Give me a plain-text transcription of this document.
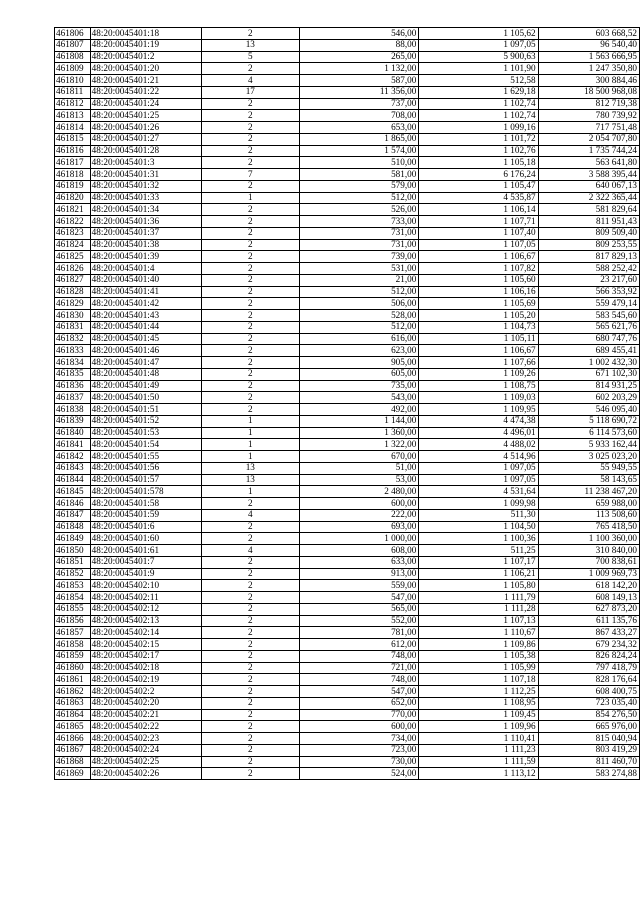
461806	48:20:0045401:18	2	546,00	1 105,62	603 668,52
461807	48:20:0045401:19	13	88,00	1 097,05	96 540,40
461808	48:20:0045401:2	5	265,00	5 900,63	1 563 666,95
461809	48:20:0045401:20	2	1 132,00	1 101,90	1 247 350,80
461810	48:20:0045401:21	4	587,00	512,58	300 884,46
461811	48:20:0045401:22	17	11 356,00	1 629,18	18 500 968,08
461812	48:20:0045401:24	2	737,00	1 102,74	812 719,38
461813	48:20:0045401:25	2	708,00	1 102,74	780 739,92
461814	48:20:0045401:26	2	653,00	1 099,16	717 751,48
461815	48:20:0045401:27	2	1 865,00	1 101,72	2 054 707,80
461816	48:20:0045401:28	2	1 574,00	1 102,76	1 735 744,24
461817	48:20:0045401:3	2	510,00	1 105,18	563 641,80
461818	48:20:0045401:31	7	581,00	6 176,24	3 588 395,44
461819	48:20:0045401:32	2	579,00	1 105,47	640 067,13
461820	48:20:0045401:33	1	512,00	4 535,87	2 322 365,44
461821	48:20:0045401:34	2	526,00	1 106,14	581 829,64
461822	48:20:0045401:36	2	733,00	1 107,71	811 951,43
461823	48:20:0045401:37	2	731,00	1 107,40	809 509,40
461824	48:20:0045401:38	2	731,00	1 107,05	809 253,55
461825	48:20:0045401:39	2	739,00	1 106,67	817 829,13
461826	48:20:0045401:4	2	531,00	1 107,82	588 252,42
461827	48:20:0045401:40	2	21,00	1 105,60	23 217,60
461828	48:20:0045401:41	2	512,00	1 106,16	566 353,92
461829	48:20:0045401:42	2	506,00	1 105,69	559 479,14
461830	48:20:0045401:43	2	528,00	1 105,20	583 545,60
461831	48:20:0045401:44	2	512,00	1 104,73	565 621,76
461832	48:20:0045401:45	2	616,00	1 105,11	680 747,76
461833	48:20:0045401:46	2	623,00	1 106,67	689 455,41
461834	48:20:0045401:47	2	905,00	1 107,66	1 002 432,30
461835	48:20:0045401:48	2	605,00	1 109,26	671 102,30
461836	48:20:0045401:49	2	735,00	1 108,75	814 931,25
461837	48:20:0045401:50	2	543,00	1 109,03	602 203,29
461838	48:20:0045401:51	2	492,00	1 109,95	546 095,40
461839	48:20:0045401:52	1	1 144,00	4 474,38	5 118 690,72
461840	48:20:0045401:53	1	1 360,00	4 496,01	6 114 573,60
461841	48:20:0045401:54	1	1 322,00	4 488,02	5 933 162,44
461842	48:20:0045401:55	1	670,00	4 514,96	3 025 023,20
461843	48:20:0045401:56	13	51,00	1 097,05	55 949,55
461844	48:20:0045401:57	13	53,00	1 097,05	58 143,65
461845	48:20:0045401:578	1	2 480,00	4 531,64	11 238 467,20
461846	48:20:0045401:58	2	600,00	1 099,98	659 988,00
461847	48:20:0045401:59	4	222,00	511,30	113 508,60
461848	48:20:0045401:6	2	693,00	1 104,50	765 418,50
461849	48:20:0045401:60	2	1 000,00	1 100,36	1 100 360,00
461850	48:20:0045401:61	4	608,00	511,25	310 840,00
461851	48:20:0045401:7	2	633,00	1 107,17	700 838,61
461852	48:20:0045401:9	2	913,00	1 106,21	1 009 969,73
461853	48:20:0045402:10	2	559,00	1 105,80	618 142,20
461854	48:20:0045402:11	2	547,00	1 111,79	608 149,13
461855	48:20:0045402:12	2	565,00	1 111,28	627 873,20
461856	48:20:0045402:13	2	552,00	1 107,13	611 135,76
461857	48:20:0045402:14	2	781,00	1 110,67	867 433,27
461858	48:20:0045402:15	2	612,00	1 109,86	679 234,32
461859	48:20:0045402:17	2	748,00	1 105,38	826 824,24
461860	48:20:0045402:18	2	721,00	1 105,99	797 418,79
461861	48:20:0045402:19	2	748,00	1 107,18	828 176,64
461862	48:20:0045402:2	2	547,00	1 112,25	608 400,75
461863	48:20:0045402:20	2	652,00	1 108,95	723 035,40
461864	48:20:0045402:21	2	770,00	1 109,45	854 276,50
461865	48:20:0045402:22	2	600,00	1 109,96	665 976,00
461866	48:20:0045402:23	2	734,00	1 110,41	815 040,94
461867	48:20:0045402:24	2	723,00	1 111,23	803 419,29
461868	48:20:0045402:25	2	730,00	1 111,59	811 460,70
461869	48:20:0045402:26	2	524,00	1 113,12	583 274,88
